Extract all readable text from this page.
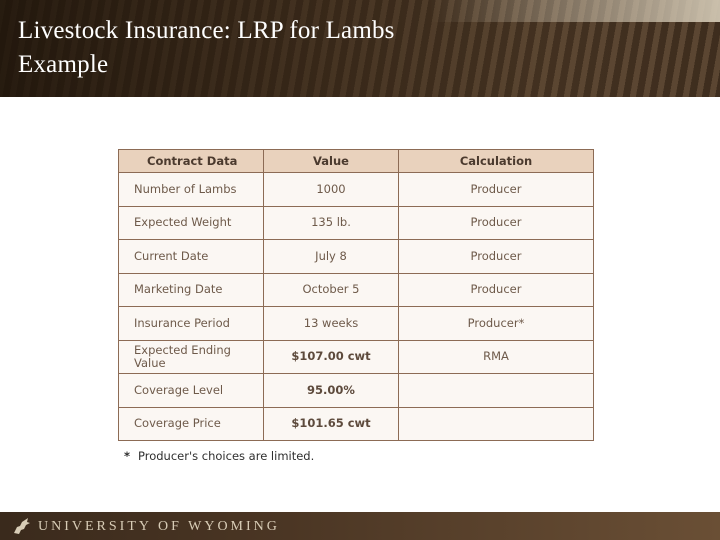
Livestock Insurance: LRP for Lambs Example
Contract Data	Value	Calculation
Number of Lambs	1000	Producer
Expected Weight	135 lb.	Producer
Current Date	July 8	Producer
Marketing Date	October 5	Producer
Insurance Period	13 weeks	Producer*
Expected Ending Value	$107.00 cwt	RMA
Coverage Level	95.00%	
Coverage Price	$101.65 cwt	
* Producer's choices are limited.
UNIVERSITY OF WYOMING
